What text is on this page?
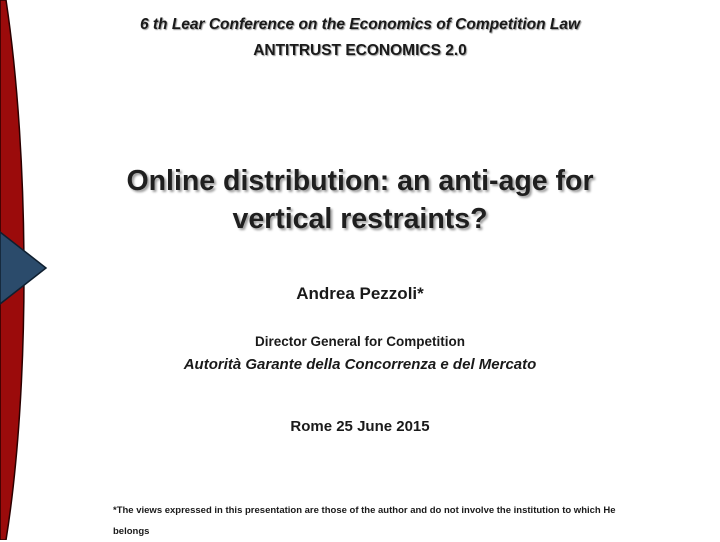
6 th Lear Conference on the Economics of Competition Law
ANTITRUST ECONOMICS 2.0
Online distribution: an anti-age for
vertical restraints?
Andrea Pezzoli*
Director General for Competition
Autorità Garante della Concorrenza e del Mercato
Rome 25 June 2015
*The views expressed in this presentation are those of the author and do not involve the institution to which He belongs
